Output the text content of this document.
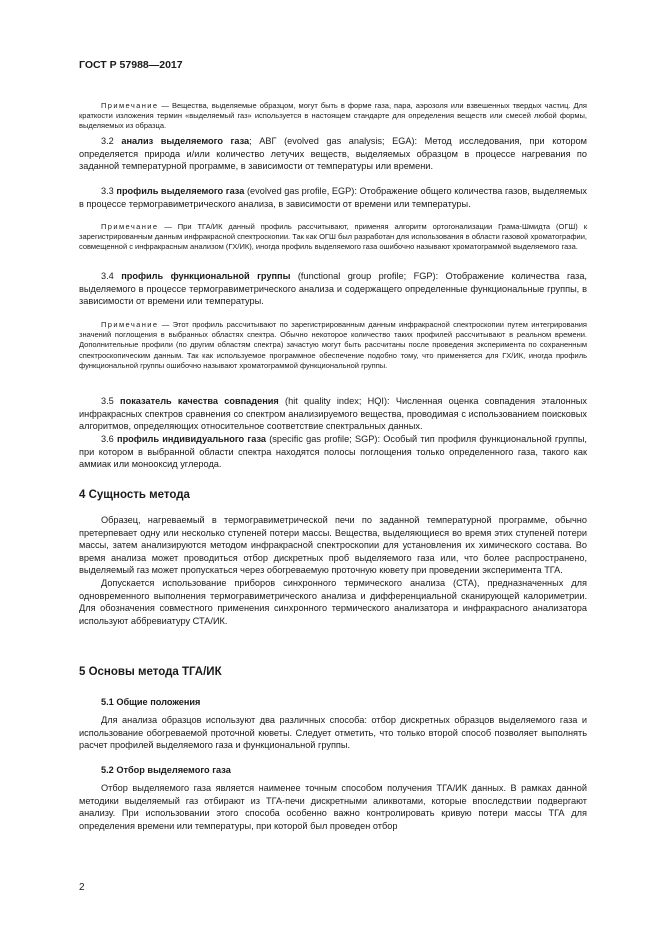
ГОСТ Р 57988—2017

Примечание — Вещества, выделяемые образцом, могут быть в форме газа, пара, аэрозоля или взвешенных твердых частиц. Для краткости изложения термин «выделяемый газ» используется в настоящем стандарте для определения веществ или смесей любой формы, выделяемых из образца.

3.2 анализ выделяемого газа; АВГ (evolved gas analysis; EGA): Метод исследования, при котором определяется природа и/или количество летучих веществ, выделяемых образцом в процессе нагревания по заданной температурной программе, в зависимости от температуры или времени.

3.3 профиль выделяемого газа (evolved gas profile, EGP): Отображение общего количества газов, выделяемых в процессе термогравиметрического анализа, в зависимости от времени или температуры.

Примечание — При ТГА/ИК данный профиль рассчитывают, применяя алгоритм ортогонализации Грама-Шмидта (ОГШ) к зарегистрированным данным инфракрасной спектроскопии. Так как ОГШ был разработан для использования в области газовой хроматографии, совмещенной с инфракрасным анализом (ГХ/ИК), иногда профиль выделяемого газа ошибочно называют хроматограммой выделяемого газа.

3.4 профиль функциональной группы (functional group profile; FGP): Отображение количества газа, выделяемого в процессе термогравиметрического анализа и содержащего определенные функциональные группы, в зависимости от времени или температуры.

Примечание — Этот профиль рассчитывают по зарегистрированным данным инфракрасной спектроскопии путем интегрирования значений поглощения в выбранных областях спектра. Обычно некоторое количество таких профилей рассчитывают в реальном времени. Дополнительные профили (по другим областям спектра) зачастую могут быть рассчитаны после проведения эксперимента по сохраненным спектроскопическим данным. Так как используемое программное обеспечение подобно тому, что применяется для ГХ/ИК, иногда профиль функциональной группы ошибочно называют хроматограммой функциональной группы.

3.5 показатель качества совпадения (hit quality index; HQI): Численная оценка совпадения эталонных инфракрасных спектров сравнения со спектром анализируемого вещества, проводимая с использованием поисковых алгоритмов, определяющих относительное соответствие спектральных данных.

3.6 профиль индивидуального газа (specific gas profile; SGP): Особый тип профиля функциональной группы, при котором в выбранной области спектра находятся полосы поглощения только определенного газа, такого как аммиак или монооксид углерода.

4 Сущность метода

Образец, нагреваемый в термогравиметрической печи по заданной температурной программе, обычно претерпевает одну или несколько ступеней потери массы. Вещества, выделяющиеся во время этих ступеней потери массы, затем анализируются методом инфракрасной спектроскопии для установления их химического состава. Во время анализа может проводиться отбор дискретных проб выделяемого газа или, что более распространено, выделяемый газ может пропускаться через обогреваемую проточную кювету при проведении эксперимента ТГА.

Допускается использование приборов синхронного термического анализа (СТА), предназначенных для одновременного выполнения термогравиметрического анализа и дифференциальной сканирующей калориметрии. Для обозначения совместного применения синхронного термического анализатора и инфракрасного анализатора используют аббревиатуру СТА/ИК.

5 Основы метода ТГА/ИК

5.1 Общие положения

Для анализа образцов используют два различных способа: отбор дискретных образцов выделяемого газа и использование обогреваемой проточной кюветы. Следует отметить, что только второй способ позволяет выполнять расчет профилей выделяемого газа и функциональной группы.

5.2 Отбор выделяемого газа

Отбор выделяемого газа является наименее точным способом получения ТГА/ИК данных. В рамках данной методики выделяемый газ отбирают из ТГА-печи дискретными аликвотами, которые впоследствии подвергают анализу. При использовании этого способа особенно важно контролировать кривую потери массы ТГА для определения времени или температуры, при которой был проведен отбор

2
